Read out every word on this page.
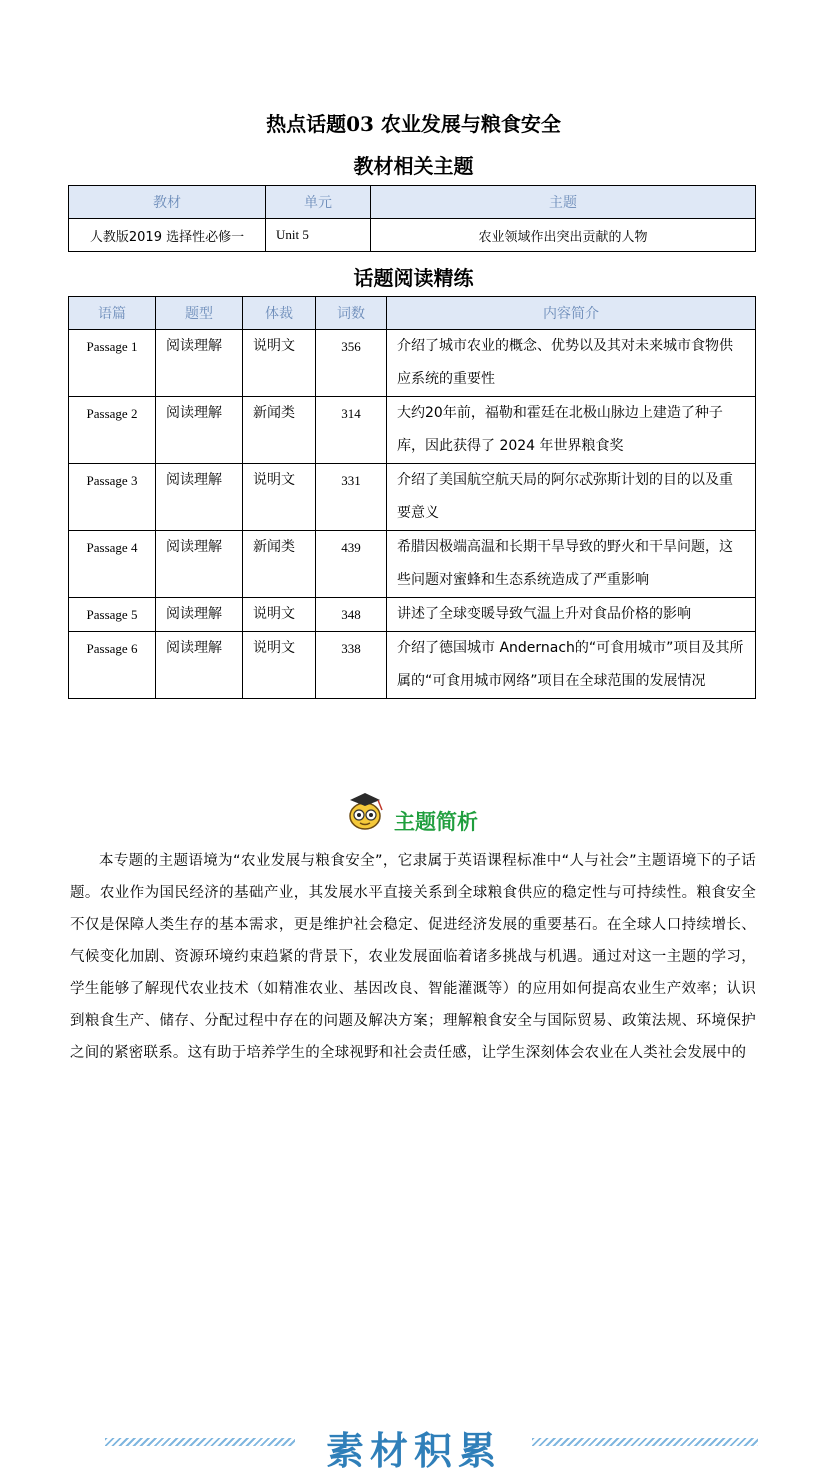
热点话题03 农业发展与粮食安全
教材相关主题
教材	单元	主题
人教版2019 选择性必修一	Unit 5	农业领域作出突出贡献的人物
话题阅读精练
语篇	题型	体裁	词数	内容简介
Passage 1	阅读理解	说明文	356	介绍了城市农业的概念、优势以及其对未来城市食物供应系统的重要性
Passage 2	阅读理解	新闻类	314	大约20年前，福勒和霍廷在北极山脉边上建造了种子库，因此获得了 2024 年世界粮食奖
Passage 3	阅读理解	说明文	331	介绍了美国航空航天局的阿尔忒弥斯计划的目的以及重要意义
Passage 4	阅读理解	新闻类	439	希腊因极端高温和长期干旱导致的野火和干旱问题，这些问题对蜜蜂和生态系统造成了严重影响
Passage 5	阅读理解	说明文	348	讲述了全球变暖导致气温上升对食品价格的影响
Passage 6	阅读理解	说明文	338	介绍了德国城市 Andernach的“可食用城市”项目及其所属的“可食用城市网络”项目在全球范围的发展情况
素材积累
主题简析
本专题的主题语境为“农业发展与粮食安全”，它隶属于英语课程标准中“人与社会”主题语境下的子话题。农业作为国民经济的基础产业，其发展水平直接关系到全球粮食供应的稳定性与可持续性。粮食安全不仅是保障人类生存的基本需求，更是维护社会稳定、促进经济发展的重要基石。在全球人口持续增长、气候变化加剧、资源环境约束趋紧的背景下，农业发展面临着诸多挑战与机遇。通过对这一主题的学习，学生能够了解现代农业技术（如精准农业、基因改良、智能灌溉等）的应用如何提高农业生产效率；认识到粮食生产、储存、分配过程中存在的问题及解决方案；理解粮食安全与国际贸易、政策法规、环境保护之间的紧密联系。这有助于培养学生的全球视野和社会责任感，让学生深刻体会农业在人类社会发展中的
